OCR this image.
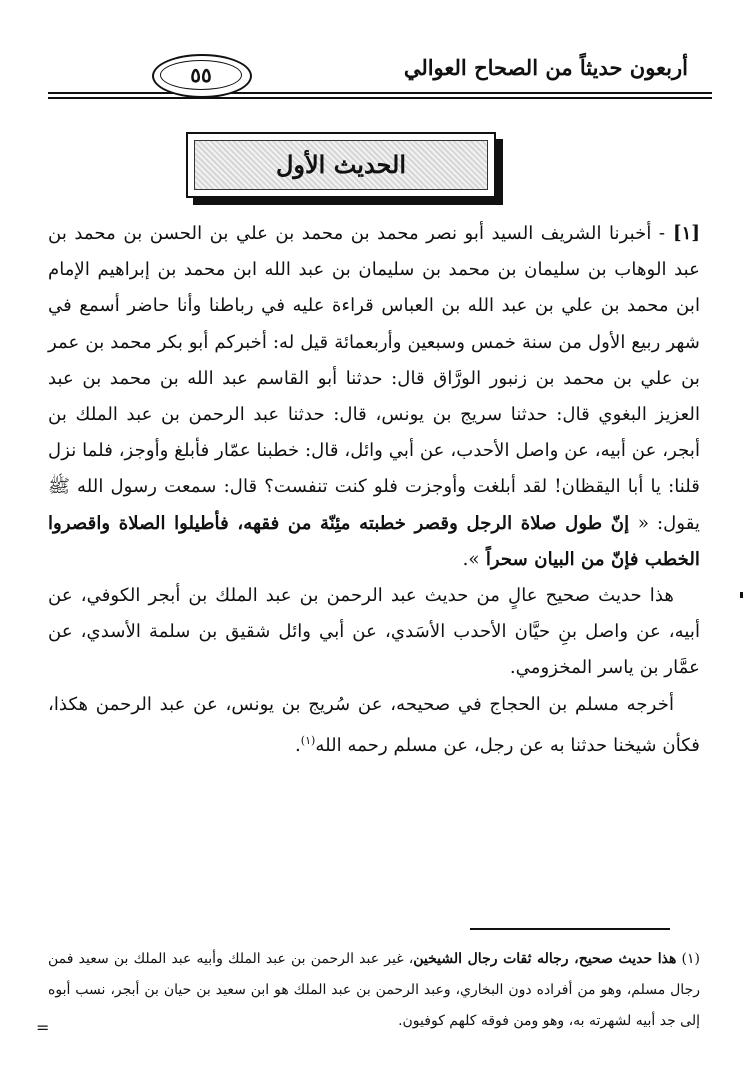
أربعون حديثاً من الصحاح العوالي
٥٥
الحديث الأول

[١] - أخبرنا الشريف السيد أبو نصر محمد بن محمد بن علي بن الحسن بن محمد بن عبد الوهاب بن سليمان بن محمد بن سليمان بن عبد الله ابن محمد بن إبراهيم الإمام ابن محمد بن علي بن عبد الله بن العباس قراءة عليه في رباطنا وأنا حاضر أسمع في شهر ربيع الأول من سنة خمس وسبعين وأربعمائة قيل له: أخبركم أبو بكر محمد بن عمر بن علي بن محمد بن زنبور الورَّاق قال: حدثنا أبو القاسم عبد الله بن محمد بن عبد العزيز البغوي قال: حدثنا سريج بن يونس، قال: حدثنا عبد الرحمن بن عبد الملك بن أبجر، عن أبيه، عن واصل الأحدب، عن أبي وائل، قال: خطبنا عمّار فأبلغ وأوجز، فلما نزل قلنا: يا أبا اليقظان! لقد أبلغت وأوجزت فلو كنت تنفست؟ قال: سمعت رسول الله ﷺ يقول: « إنّ طول صلاة الرجل وقصر خطبته مئِنّة من فقهه، فأطيلوا الصلاة واقصروا الخطب فإنّ من البيان سحراً ».

هذا حديث صحيح عالٍ من حديث عبد الرحمن بن عبد الملك بن أبجر الكوفي، عن أبيه، عن واصل بنِ حيَّان الأحدب الأسَدي، عن أبي وائل شقيق بن سلمة الأسدي، عن عمَّار بن ياسر المخزومي.

أخرجه مسلم بن الحجاج في صحيحه، عن سُريج بن يونس، عن عبد الرحمن هكذا، فكأن شيخنا حدثنا به عن رجل، عن مسلم رحمه الله$^{(١)}$.

(١) هذا حديث صحيح، رجاله ثقات رجال الشيخين، غير عبد الرحمن بن عبد الملك وأبيه عبد الملك بن سعيد فمن رجال مسلم، وهو من أفراده دون البخاري، وعبد الرحمن بن عبد الملك هو ابن سعيد بن حيان بن أبجر، نسب أبوه إلى جد أبيه لشهرته به، وهو ومن فوقه كلهم كوفيون.
=
